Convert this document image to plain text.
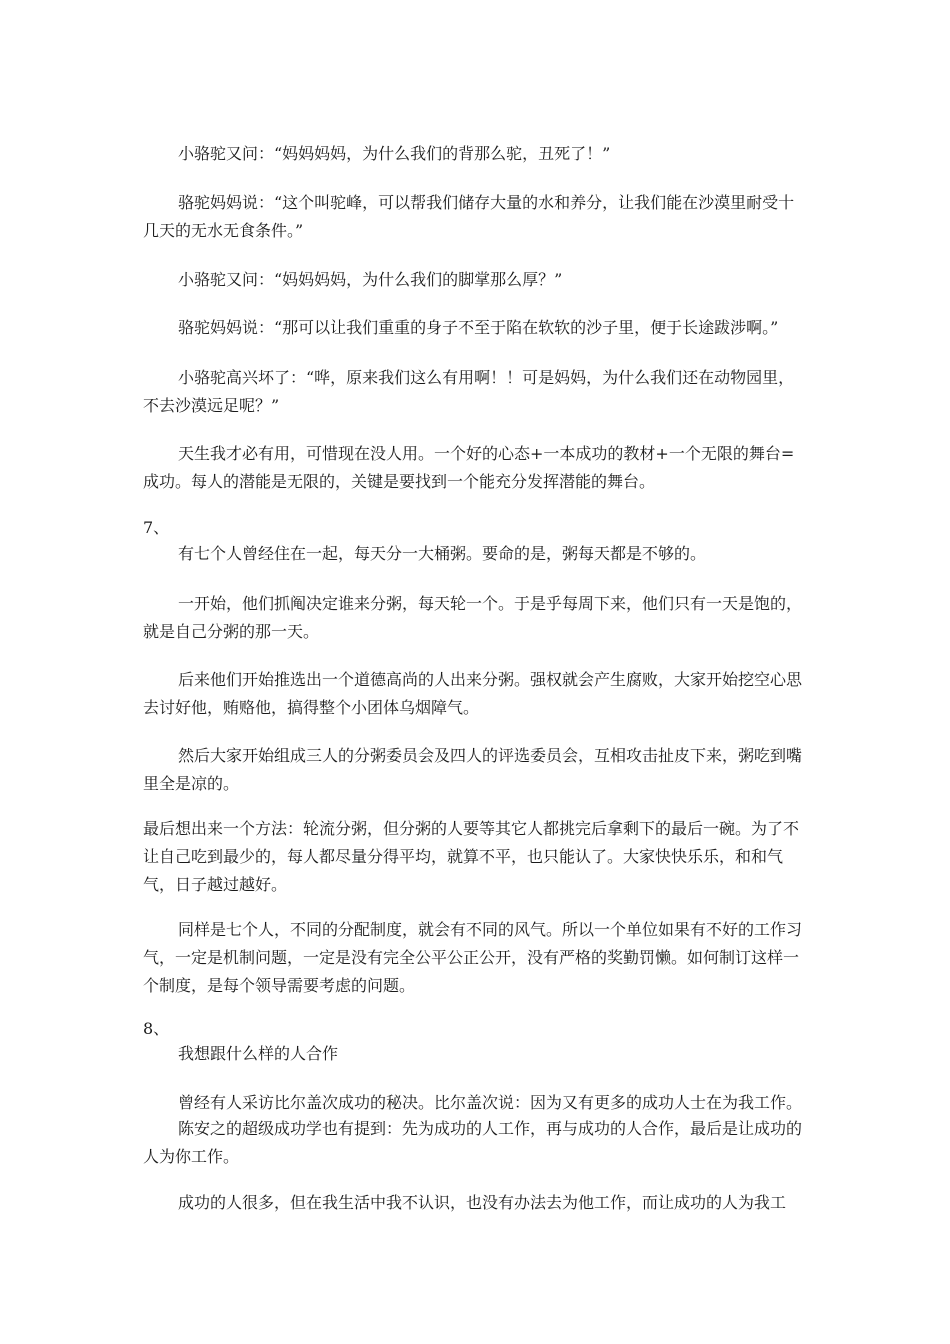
小骆驼又问：“妈妈妈妈，为什么我们的背那么驼，丑死了！”

骆驼妈妈说：“这个叫驼峰，可以帮我们储存大量的水和养分，让我们能在沙漠里耐受十几天的无水无食条件。”

小骆驼又问：“妈妈妈妈，为什么我们的脚掌那么厚？”

骆驼妈妈说：“那可以让我们重重的身子不至于陷在软软的沙子里，便于长途跋涉啊。”

小骆驼高兴坏了：“哗，原来我们这么有用啊！！可是妈妈，为什么我们还在动物园里，不去沙漠远足呢？”

天生我才必有用，可惜现在没人用。一个好的心态+一本成功的教材+一个无限的舞台=成功。每人的潜能是无限的，关键是要找到一个能充分发挥潜能的舞台。

7、

有七个人曾经住在一起，每天分一大桶粥。要命的是，粥每天都是不够的。

一开始，他们抓阄决定谁来分粥，每天轮一个。于是乎每周下来，他们只有一天是饱的，就是自己分粥的那一天。

后来他们开始推选出一个道德高尚的人出来分粥。强权就会产生腐败，大家开始挖空心思去讨好他，贿赂他，搞得整个小团体乌烟障气。

然后大家开始组成三人的分粥委员会及四人的评选委员会，互相攻击扯皮下来，粥吃到嘴里全是凉的。

最后想出来一个方法：轮流分粥，但分粥的人要等其它人都挑完后拿剩下的最后一碗。为了不让自己吃到最少的，每人都尽量分得平均，就算不平，也只能认了。大家快快乐乐，和和气气，日子越过越好。

同样是七个人，不同的分配制度，就会有不同的风气。所以一个单位如果有不好的工作习气，一定是机制问题，一定是没有完全公平公正公开，没有严格的奖勤罚懒。如何制订这样一个制度，是每个领导需要考虑的问题。

8、

我想跟什么样的人合作

曾经有人采访比尔盖次成功的秘决。比尔盖次说：因为又有更多的成功人士在为我工作。

陈安之的超级成功学也有提到：先为成功的人工作，再与成功的人合作，最后是让成功的人为你工作。

成功的人很多，但在我生活中我不认识，也没有办法去为他工作，而让成功的人为我工
